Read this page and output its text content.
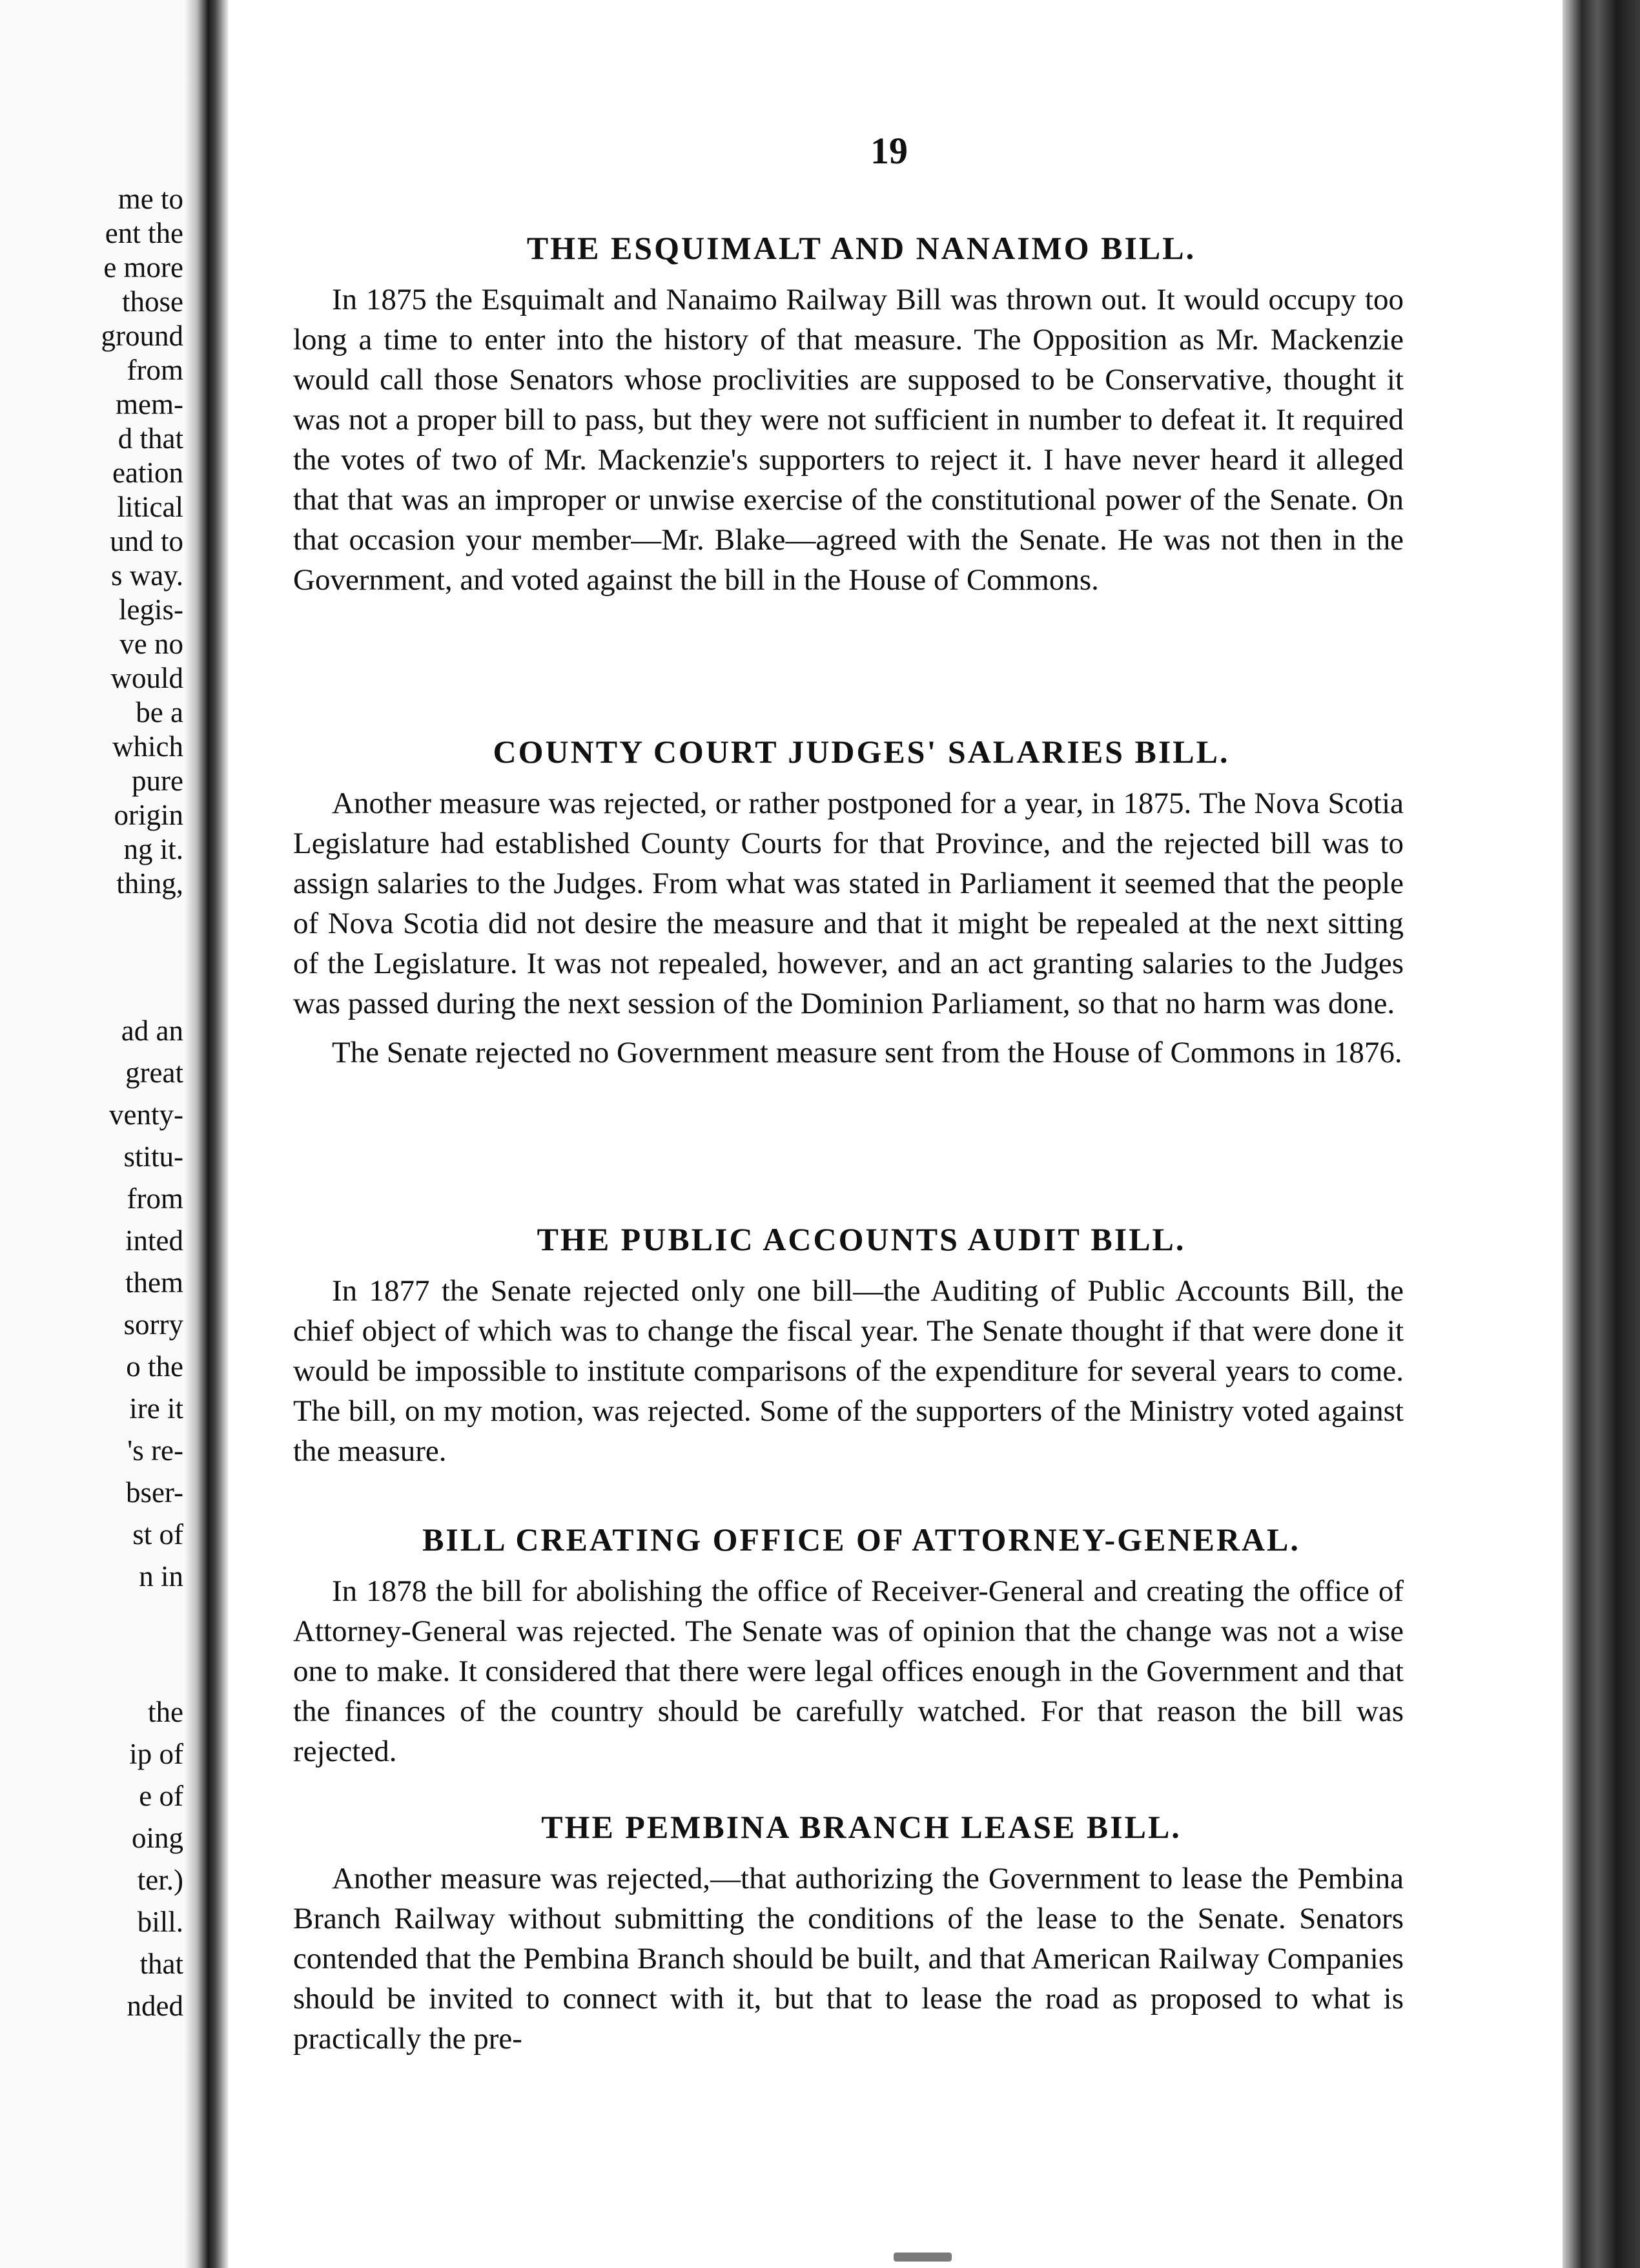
me to
ent the
e more
those
ground
from
mem-
d that
eation
litical
und to
s way.
legis-
ve no
would
be a
which
pure
origin
ng it.
thing,
ad an
great
venty-
stitu-
from
inted
them
sorry
o the
ire it
's re-
bser-
st of
n in
the
ip of
e of
oing
ter.)
bill.
that
nded
19
THE ESQUIMALT AND NANAIMO BILL.

In 1875 the Esquimalt and Nanaimo Railway Bill was thrown out. It would occupy too long a time to enter into the history of that measure. The Opposition as Mr. Mackenzie would call those Senators whose proclivities are supposed to be Conservative, thought it was not a proper bill to pass, but they were not sufficient in number to defeat it. It required the votes of two of Mr. Mackenzie's supporters to reject it. I have never heard it alleged that that was an improper or unwise exercise of the constitutional power of the Senate. On that occasion your member—Mr. Blake—agreed with the Senate. He was not then in the Government, and voted against the bill in the House of Commons.

COUNTY COURT JUDGES' SALARIES BILL.

Another measure was rejected, or rather postponed for a year, in 1875. The Nova Scotia Legislature had established County Courts for that Province, and the rejected bill was to assign salaries to the Judges. From what was stated in Parliament it seemed that the people of Nova Scotia did not desire the measure and that it might be repealed at the next sitting of the Legislature. It was not repealed, however, and an act granting salaries to the Judges was passed during the next session of the Dominion Parliament, so that no harm was done.

The Senate rejected no Government measure sent from the House of Commons in 1876.

THE PUBLIC ACCOUNTS AUDIT BILL.

In 1877 the Senate rejected only one bill—the Auditing of Public Accounts Bill, the chief object of which was to change the fiscal year. The Senate thought if that were done it would be impossible to institute comparisons of the expenditure for several years to come. The bill, on my motion, was rejected. Some of the supporters of the Ministry voted against the measure.

BILL CREATING OFFICE OF ATTORNEY-GENERAL.

In 1878 the bill for abolishing the office of Receiver-General and creating the office of Attorney-General was rejected. The Senate was of opinion that the change was not a wise one to make. It considered that there were legal offices enough in the Government and that the finances of the country should be carefully watched. For that reason the bill was rejected.

THE PEMBINA BRANCH LEASE BILL.

Another measure was rejected,—that authorizing the Government to lease the Pembina Branch Railway without submitting the conditions of the lease to the Senate. Senators contended that the Pembina Branch should be built, and that American Railway Companies should be invited to connect with it, but that to lease the road as proposed to what is practically the pre-
